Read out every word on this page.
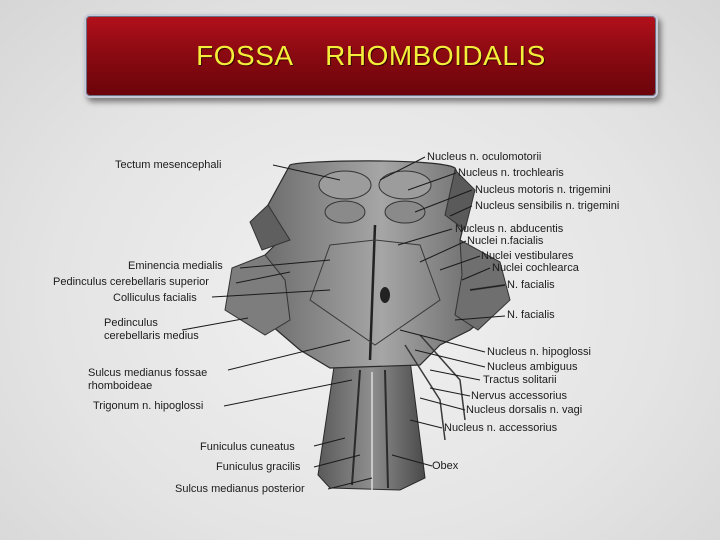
FOSSA    RHOMBOIDALIS
Tectum mesencephali
Eminencia medialis
Pedinculus cerebellaris superior
Colliculus facialis
Pedinculus
cerebellaris medius
Sulcus medianus fossae
rhomboideae
Trigonum n. hipoglossi
Funiculus cuneatus
Funiculus gracilis
Sulcus medianus posterior
Nucleus n. oculomotorii
Nucleus n. trochlearis
Nucleus motoris n. trigemini
Nucleus sensibilis n. trigemini
Nucleus n. abducentis
Nuclei n.facialis
Nuclei vestibulares
Nuclei cochlearca
N. facialis
N. facialis
Nucleus n. hipoglossi
Nucleus ambiguus
Tractus solitarii
Nervus accessorius
Nucleus dorsalis n. vagi
Nucleus n. accessorius
Obex
